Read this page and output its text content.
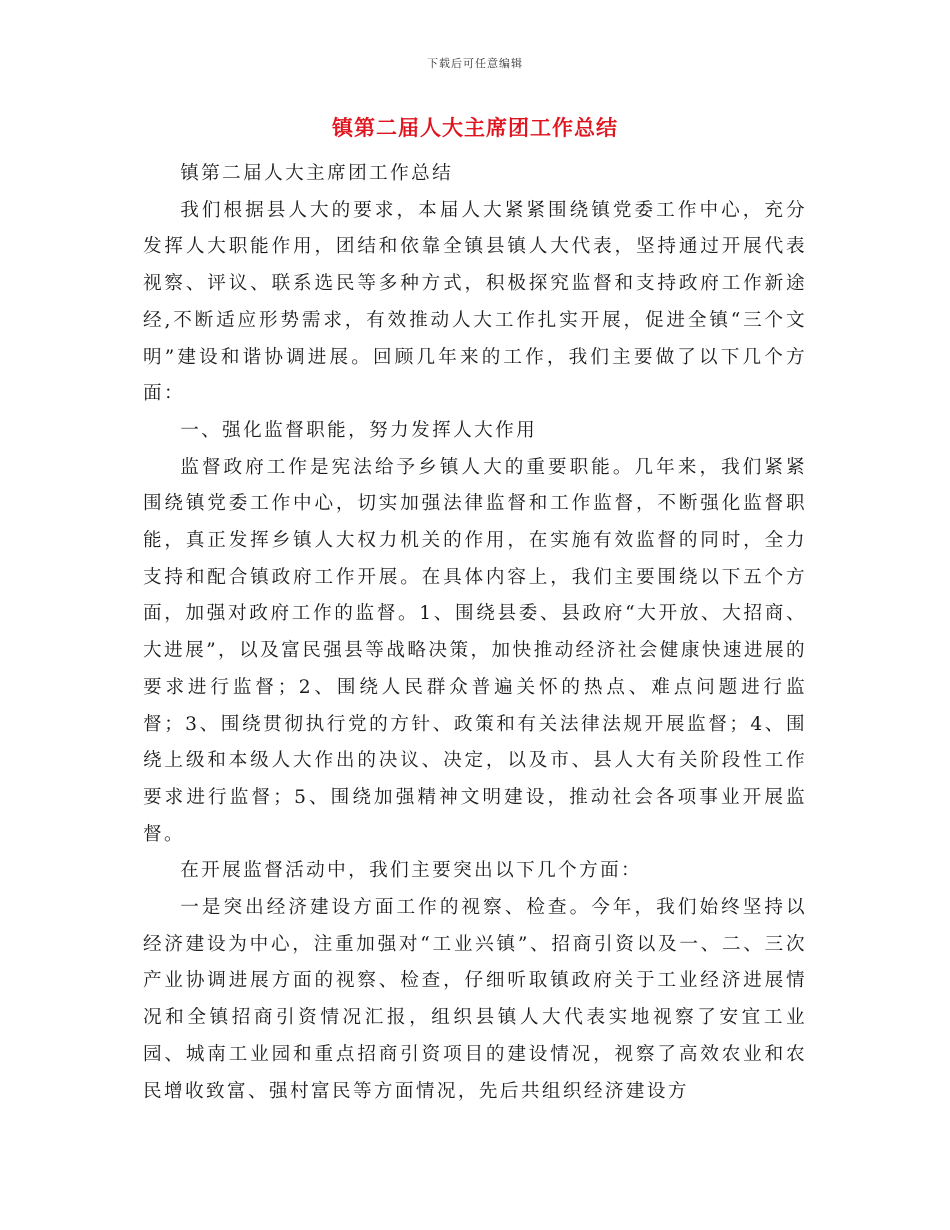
下载后可任意编辑
镇第二届人大主席团工作总结

镇第二届人大主席团工作总结

我们根据县人大的要求，本届人大紧紧围绕镇党委工作中心，充分发挥人大职能作用，团结和依靠全镇县镇人大代表，坚持通过开展代表视察、评议、联系选民等多种方式，积极探究监督和支持政府工作新途经,不断适应形势需求，有效推动人大工作扎实开展，促进全镇“三个文明”建设和谐协调进展。回顾几年来的工作，我们主要做了以下几个方面：

一、强化监督职能，努力发挥人大作用

监督政府工作是宪法给予乡镇人大的重要职能。几年来，我们紧紧围绕镇党委工作中心，切实加强法律监督和工作监督，不断强化监督职能，真正发挥乡镇人大权力机关的作用，在实施有效监督的同时，全力支持和配合镇政府工作开展。在具体内容上，我们主要围绕以下五个方面，加强对政府工作的监督。1、围绕县委、县政府“大开放、大招商、大进展”，以及富民强县等战略决策，加快推动经济社会健康快速进展的要求进行监督；2、围绕人民群众普遍关怀的热点、难点问题进行监督；3、围绕贯彻执行党的方针、政策和有关法律法规开展监督；4、围绕上级和本级人大作出的决议、决定，以及市、县人大有关阶段性工作要求进行监督；5、围绕加强精神文明建设，推动社会各项事业开展监督。

在开展监督活动中，我们主要突出以下几个方面：

一是突出经济建设方面工作的视察、检查。今年，我们始终坚持以经济建设为中心，注重加强对“工业兴镇”、招商引资以及一、二、三次产业协调进展方面的视察、检查，仔细听取镇政府关于工业经济进展情况和全镇招商引资情况汇报，组织县镇人大代表实地视察了安宜工业园、城南工业园和重点招商引资项目的建设情况，视察了高效农业和农民增收致富、强村富民等方面情况，先后共组织经济建设方
